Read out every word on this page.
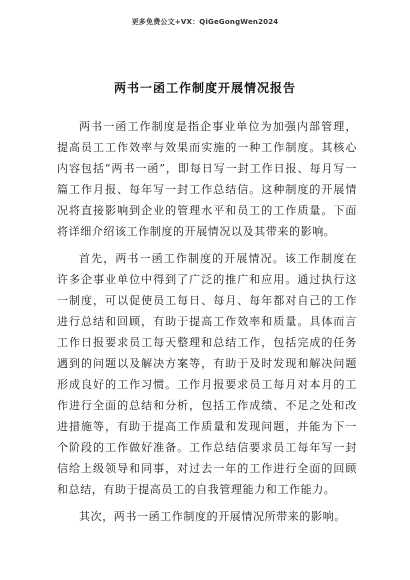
更多免费公文+VX：QiGeGongWen2024
两书一函工作制度开展情况报告

两书一函工作制度是指企事业单位为加强内部管理，提高员工工作效率与效果而实施的一种工作制度。其核心内容包括“两书一函”，即每日写一封工作日报、每月写一篇工作月报、每年写一封工作总结信。这种制度的开展情况将直接影响到企业的管理水平和员工的工作质量。下面将详细介绍该工作制度的开展情况以及其带来的影响。

首先，两书一函工作制度的开展情况。该工作制度在许多企事业单位中得到了广泛的推广和应用。通过执行这一制度，可以促使员工每日、每月、每年都对自己的工作进行总结和回顾，有助于提高工作效率和质量。具体而言工作日报要求员工每天整理和总结工作，包括完成的任务遇到的问题以及解决方案等，有助于及时发现和解决问题形成良好的工作习惯。工作月报要求员工每月对本月的工作进行全面的总结和分析，包括工作成绩、不足之处和改进措施等，有助于提高工作质量和发现问题，并能为下一个阶段的工作做好准备。工作总结信要求员工每年写一封信给上级领导和同事，对过去一年的工作进行全面的回顾和总结，有助于提高员工的自我管理能力和工作能力。

其次，两书一函工作制度的开展情况所带来的影响。
